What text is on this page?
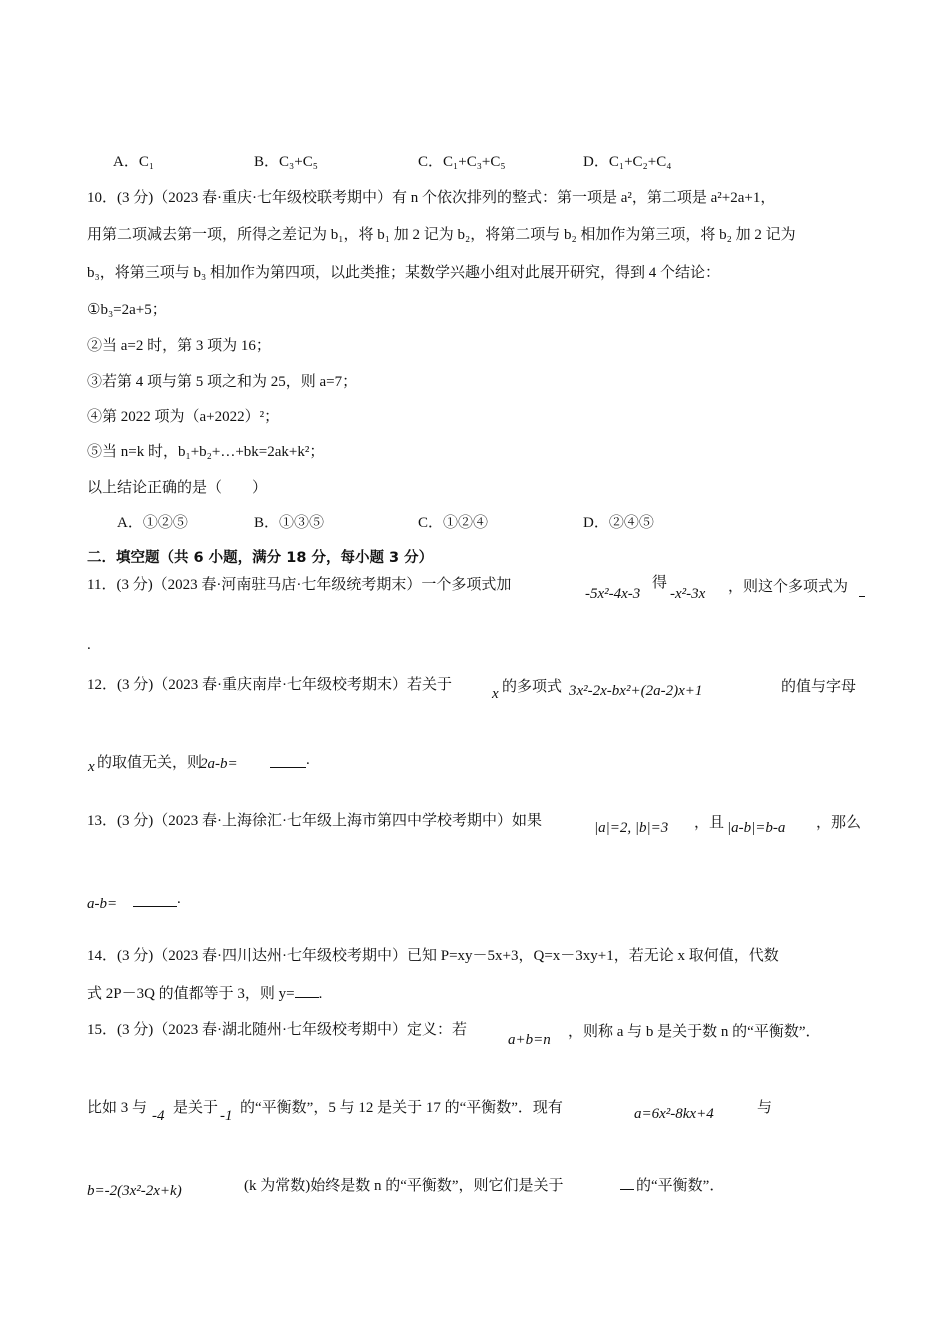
A．C₁	B．C₃+C₅	C．C₁+C₃+C₅	D．C₁+C₂+C₄
10．(3 分)（2023 春·重庆·七年级校联考期中）有 n 个依次排列的整式：第一项是 a²，第二项是 a²+2a+1，
用第二项减去第一项，所得之差记为 b₁，将 b₁ 加 2 记为 b₂，将第二项与 b₂ 相加作为第三项，将 b₂ 加 2 记为
b₃，将第三项与 b₃ 相加作为第四项，以此类推；某数学兴趣小组对此展开研究，得到 4 个结论：
①b₃=2a+5；
②当 a=2 时，第 3 项为 16；
③若第 4 项与第 5 项之和为 25，则 a=7；
④第 2022 项为（a+2022）²；
⑤当 n=k 时，b₁+b₂+…+bk=2ak+k²；
以上结论正确的是（　　）
A．①②⑤	B．①③⑤	C．①②④	D．②④⑤
二．填空题（共 6 小题，满分 18 分，每小题 3 分）
11．(3 分)（2023 春·河南驻马店·七年级统考期末）一个多项式加
-5x²-4x-3
得
-x²-3x ，则这个多项式为
.
12．(3 分)（2023 春·重庆南岸·七年级校考期末）若关于
x 的多项式 3x²-2x-bx²+(2a-2)x+1	的值与字母
x 的取值无关，则
2a-b=	.
13．(3 分)（2023 春·上海徐汇·七年级上海市第四中学校考期中）如果	|a|=2, |b|=3 ，且 |a-b|=b-a ，那么
a-b=	.
14．(3 分)（2023 春·四川达州·七年级校考期中）已知 P=xy－5x+3，Q=x－3xy+1，若无论 x 取何值，代数
式 2P－3Q 的值都等于 3，则 y= .
15．(3 分)（2023 春·湖北随州·七年级校考期中）定义：若
a+b=n ，则称 a 与 b 是关于数 n 的“平衡数”．
比如 3 与 -4 是关于 -1 的“平衡数”，5 与 12 是关于 17 的“平衡数”．现有	a=6x²-8kx+4	与
b=-2(3x²-2x+k)	(k 为常数)始终是数 n 的“平衡数”，则它们是关于	的“平衡数”．
